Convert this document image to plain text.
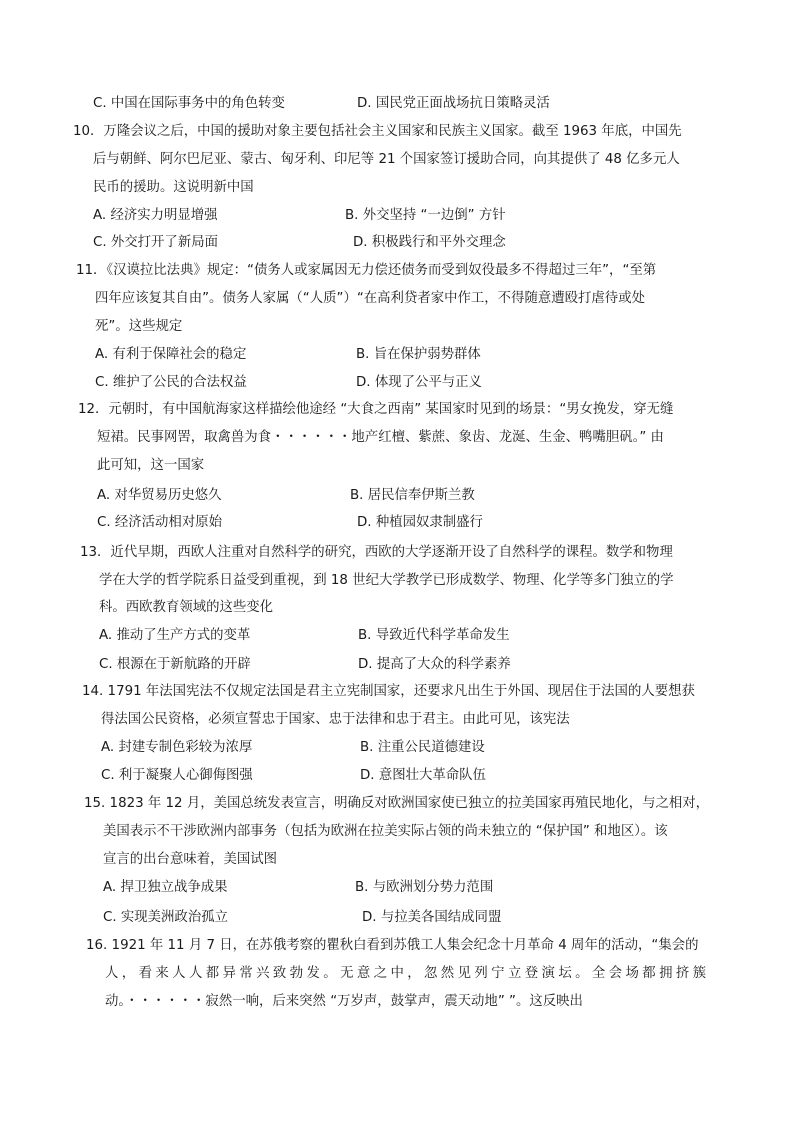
C. 中国在国际事务中的角色转变	D. 国民党正面战场抗日策略灵活
10．万隆会议之后，中国的援助对象主要包括社会主义国家和民族主义国家。截至 1963 年底，中国先
后与朝鲜、阿尔巴尼亚、蒙古、匈牙利、印尼等 21 个国家签订援助合同，向其提供了 48 亿多元人
民币的援助。这说明新中国
A. 经济实力明显增强	B. 外交坚持 “一边倒” 方针
C. 外交打开了新局面	D. 积极践行和平外交理念
11．《汉谟拉比法典》规定：“债务人或家属因无力偿还债务而受到奴役最多不得超过三年”，“至第
四年应该复其自由”。债务人家属（“人质”）“在高利贷者家中作工，不得随意遭殴打虐待或处
死”。这些规定
A. 有利于保障社会的稳定	B. 旨在保护弱势群体
C. 维护了公民的合法权益	D. 体现了公平与正义
12．元朝时，有中国航海家这样描绘他途经 “大食之西南” 某国家时见到的场景：“男女挽发，穿无缝
短裙。民事网罟，取禽兽为食・・・・・・地产红檀、紫蔗、象齿、龙涎、生金、鸭嘴胆矾。” 由
此可知，这一国家
A. 对华贸易历史悠久	B. 居民信奉伊斯兰教
C. 经济活动相对原始	D. 种植园奴隶制盛行
13．近代早期，西欧人注重对自然科学的研究，西欧的大学逐渐开设了自然科学的课程。数学和物理
学在大学的哲学院系日益受到重视，到 18 世纪大学教学已形成数学、物理、化学等多门独立的学
科。西欧教育领域的这些变化
A. 推动了生产方式的变革	B. 导致近代科学革命发生
C. 根源在于新航路的开辟	D. 提高了大众的科学素养
14. 1791 年法国宪法不仅规定法国是君主立宪制国家，还要求凡出生于外国、现居住于法国的人要想获
得法国公民资格，必须宣誓忠于国家、忠于法律和忠于君主。由此可见，该宪法
A. 封建专制色彩较为浓厚	B. 注重公民道德建设
C. 利于凝聚人心御侮图强	D. 意图壮大革命队伍
15. 1823 年 12 月，美国总统发表宣言，明确反对欧洲国家使已独立的拉美国家再殖民地化，与之相对，
美国表示不干涉欧洲内部事务（包括为欧洲在拉美实际占领的尚未独立的 “保护国” 和地区）。该
宣言的出台意味着，美国试图
A. 捍卫独立战争成果	B. 与欧洲划分势力范围
C. 实现美洲政治孤立	D. 与拉美各国结成同盟
16. 1921 年 11 月 7 日，在苏俄考察的瞿秋白看到苏俄工人集会纪念十月革命 4 周年的活动，“集会的
人，看来人人都异常兴致勃发。无意之中，忽然见列宁立登演坛。全会场都拥挤簇
动。・・・・・・寂然一响，后来突然 “万岁声，鼓掌声，震天动地” ”。这反映出
